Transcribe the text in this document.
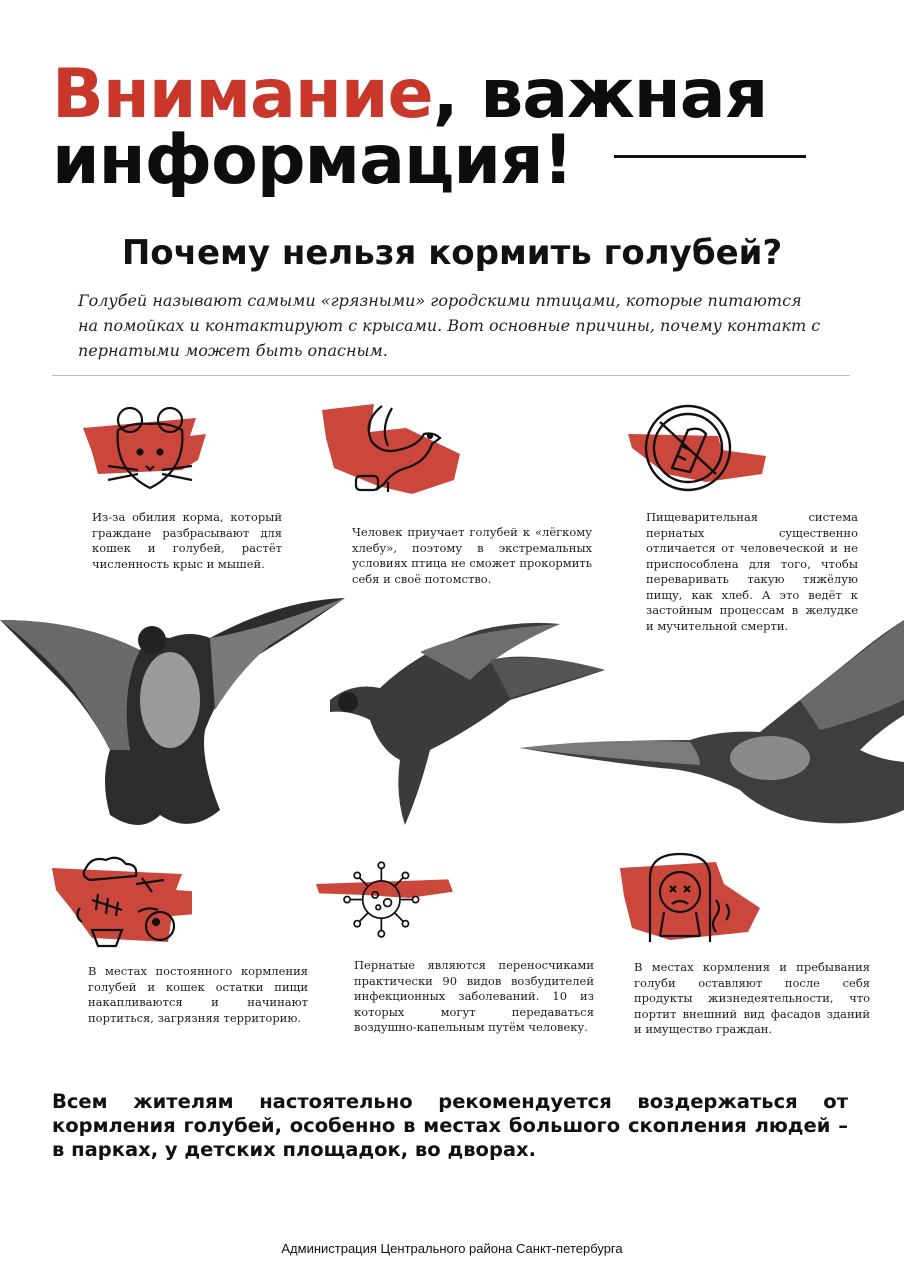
Внимание, важная
информация!
Почему нельзя кормить голубей?
Голубей называют самыми «грязными» городскими птицами, которые питаются на помойках и контактируют с крысами. Вот основные причины, почему контакт с пернатыми может быть опасным.
Из-за обилия корма, который граждане разбрасывают для кошек и голубей, растёт численность крыс и мышей.
Человек приучает голубей к «лёгкому хлебу», поэтому в экстремальных условиях птица не сможет прокормить себя и своё потомство.
Пищеварительная система пернатых существенно отличается от человеческой и не приспособлена для того, чтобы переваривать такую тяжёлую пищу, как хлеб. А это ведёт к застойным процессам в желудке и мучительной смерти.
В местах постоянного кормления голубей и кошек остатки пищи накапливаются и начинают портиться, загрязняя территорию.
Пернатые являются переносчиками практически 90 видов возбудителей инфекционных заболеваний. 10 из которых могут передаваться воздушно-капельным путём человеку.
В местах кормления и пребывания голуби оставляют после себя продукты жизнедеятельности, что портит внешний вид фасадов зданий и имущество граждан.
Всем жителям настоятельно рекомендуется воздержаться от кормления голубей, особенно в местах большого скопления людей – в парках, у детских площадок, во дворах.
Администрация Центрального района Санкт-петербурга
